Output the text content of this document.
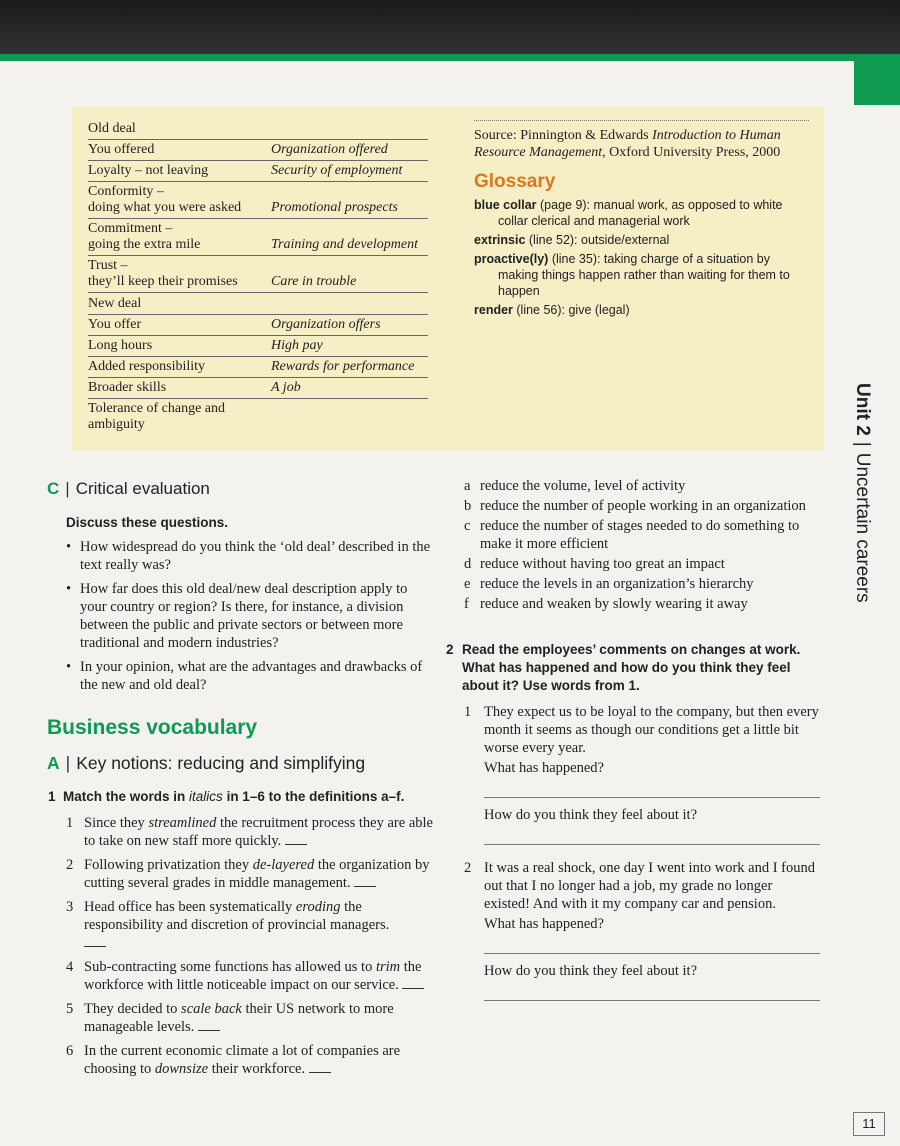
Unit 2|Uncertain careers
11
Old deal
You offered	Organization offered
Loyalty – not leaving	Security of employment
Conformity –
doing what you were asked	Promotional prospects
Commitment –
going the extra mile	Training and development
Trust –
they’ll keep their promises	Care in trouble
New deal
You offer	Organization offers
Long hours	High pay
Added responsibility	Rewards for performance
Broader skills	A job
Tolerance of change and
ambiguity
Source: Pinnington & Edwards Introduction to Human Resource Management, Oxford University Press, 2000
Glossary
blue collar (page 9): manual work, as opposed to white
collar clerical and managerial work
extrinsic (line 52): outside/external
proactive(ly) (line 35): taking charge of a situation by
making things happen rather than waiting for them to happen
render (line 56): give (legal)
C | Critical evaluation
Discuss these questions.
• How widespread do you think the ‘old deal’ described in the text really was?
• How far does this old deal/new deal description apply to your country or region? Is there, for instance, a division between the public and private sectors or between more traditional and modern industries?
• In your opinion, what are the advantages and drawbacks of the new and old deal?
Business vocabulary
A | Key notions: reducing and simplifying
1 Match the words in italics in 1–6 to the definitions a–f.
1 Since they streamlined the recruitment process they are able to take on new staff more quickly.
2 Following privatization they de-layered the organization by cutting several grades in middle management.
3 Head office has been systematically eroding the responsibility and discretion of provincial managers.

4 Sub-contracting some functions has allowed us to trim the workforce with little noticeable impact on our service.
5 They decided to scale back their US network to more manageable levels.
6 In the current economic climate a lot of companies are choosing to downsize their workforce.
a reduce the volume, level of activity
b reduce the number of people working in an organization
c reduce the number of stages needed to do something to make it more efficient
d reduce without having too great an impact
e reduce the levels in an organization’s hierarchy
f reduce and weaken by slowly wearing it away
2 Read the employees’ comments on changes at work. What has happened and how do you think they feel about it? Use words from 1.
1 They expect us to be loyal to the company, but then every month it seems as though our conditions get a little bit worse every year.
What has happened?
How do you think they feel about it?
2 It was a real shock, one day I went into work and I found out that I no longer had a job, my grade no longer existed! And with it my company car and pension.
What has happened?
How do you think they feel about it?
